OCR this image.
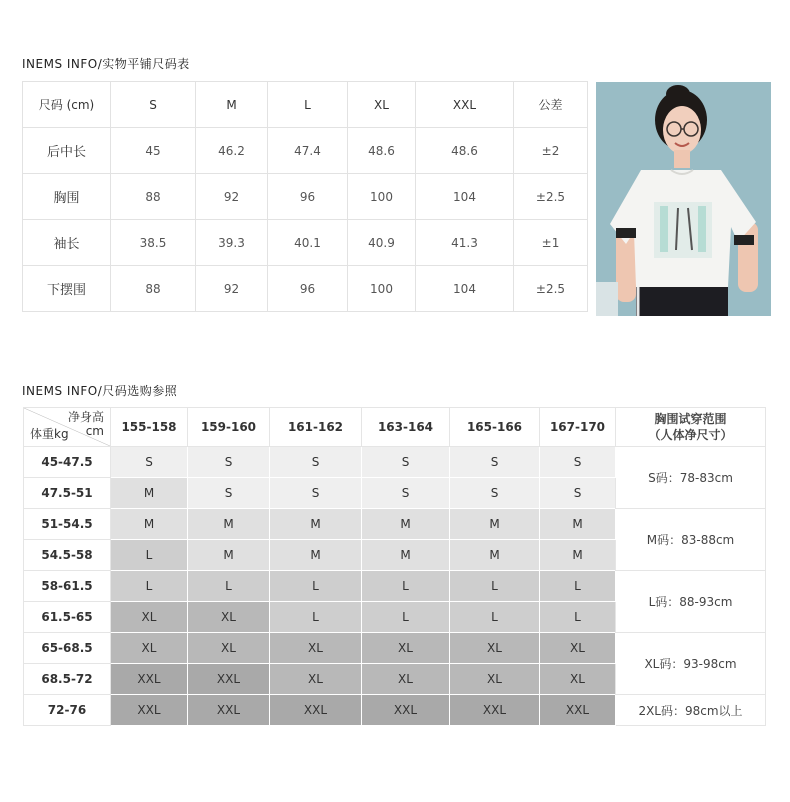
INEMS INFO/实物平铺尺码表
尺码 (cm)	S	M	L	XL	XXL	公差
后中长	45	46.2	47.4	48.6	48.6	±2
胸围	88	92	96	100	104	±2.5
袖长	38.5	39.3	40.1	40.9	41.3	±1
下摆围	88	92	96	100	104	±2.5
INEMS INFO/尺码选购参照
净身高
cm
体重kg	155-158	159-160	161-162	163-164	165-166	167-170	胸围试穿范围
（人体净尺寸）
45-47.5	S	S	S	S	S	S	S码：78-83cm
47.5-51	M	S	S	S	S	S	
51-54.5	M	M	M	M	M	M	M码：83-88cm
54.5-58	L	M	M	M	M	M	
58-61.5	L	L	L	L	L	L	L码：88-93cm
61.5-65	XL	XL	L	L	L	L	
65-68.5	XL	XL	XL	XL	XL	XL	XL码：93-98cm
68.5-72	XXL	XXL	XL	XL	XL	XL	
72-76	XXL	XXL	XXL	XXL	XXL	XXL	2XL码：98cm以上
